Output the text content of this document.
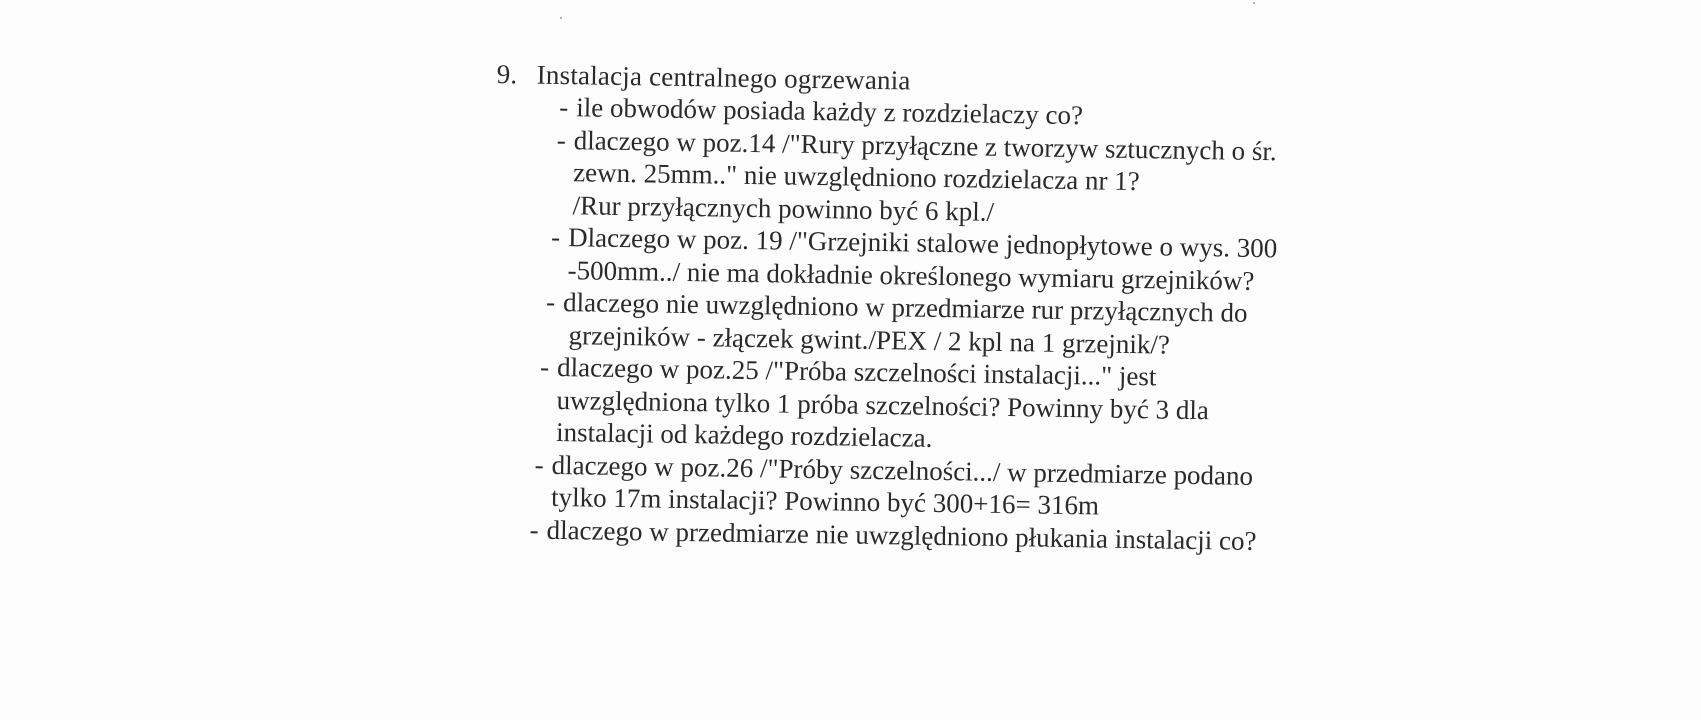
9. Instalacja centralnego ogrzewania
- ile obwodów posiada każdy z rozdzielaczy co?
- dlaczego w poz.14 /"Rury przyłączne z tworzyw sztucznych o śr.
zewn. 25mm.." nie uwzględniono rozdzielacza nr 1?
/Rur przyłącznych powinno być 6 kpl./
- Dlaczego w poz. 19 /"Grzejniki stalowe jednopłytowe o wys. 300
-500mm../ nie ma dokładnie określonego wymiaru grzejników?
- dlaczego nie uwzględniono w przedmiarze rur przyłącznych do
grzejników - złączek gwint./PEX / 2 kpl na 1 grzejnik/?
- dlaczego w poz.25 /"Próba szczelności instalacji..." jest
uwzględniona tylko 1 próba szczelności? Powinny być 3 dla
instalacji od każdego rozdzielacza.
- dlaczego w poz.26 /"Próby szczelności.../ w przedmiarze podano
tylko 17m instalacji? Powinno być 300+16= 316m
- dlaczego w przedmiarze nie uwzględniono płukania instalacji co?
